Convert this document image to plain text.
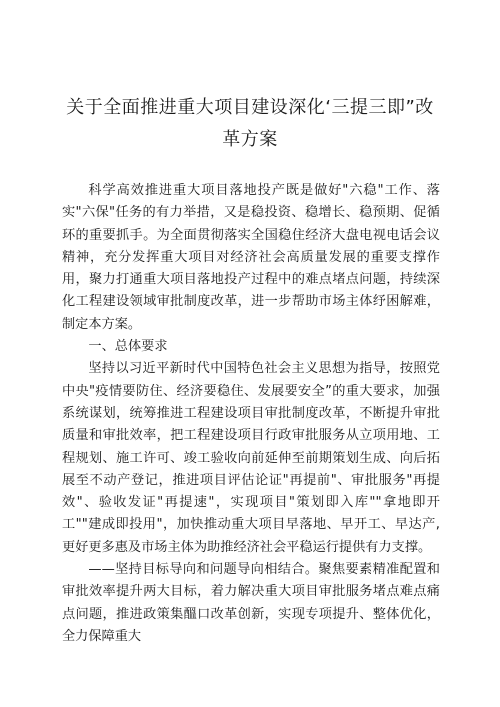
关于全面推进重大项目建设深化‘三提三即”改革方案

科学高效推进重大项目落地投产既是做好"六稳"工作、落实"六保"任务的有力举措，又是稳投资、稳增长、稳预期、促循环的重要抓手。为全面贯彻落实全国稳住经济大盘电视电话会议精神，充分发挥重大项目对经济社会高质量发展的重要支撑作用，聚力打通重大项目落地投产过程中的难点堵点问题，持续深化工程建设领域审批制度改革，进一步帮助市场主体纾困解难，制定本方案。

一、总体要求

坚持以习近平新时代中国特色社会主义思想为指导，按照党中央"疫情要防住、经济要稳住、发展要安全”的重大要求，加强系统谋划，统筹推进工程建设项目审批制度改革，不断提升审批质量和审批效率，把工程建设项目行政审批服务从立项用地、工程规划、施工许可、竣工验收向前延伸至前期策划生成、向后拓展至不动产登记，推进项目评估论证"再提前"、审批服务"再提效"、验收发证"再提速"，实现项目"策划即入库""拿地即开工""建成即投用"，加快推动重大项目早落地、早开工、早达产,更好更多惠及市场主体为助推经济社会平稳运行提供有力支撑。

——坚持目标导向和问题导向相结合。聚焦要素精准配置和审批效率提升两大目标，着力解决重大项目审批服务堵点难点痛点问题，推进政策集醞口改革创新，实现专项提升、整体优化，全力保障重大
